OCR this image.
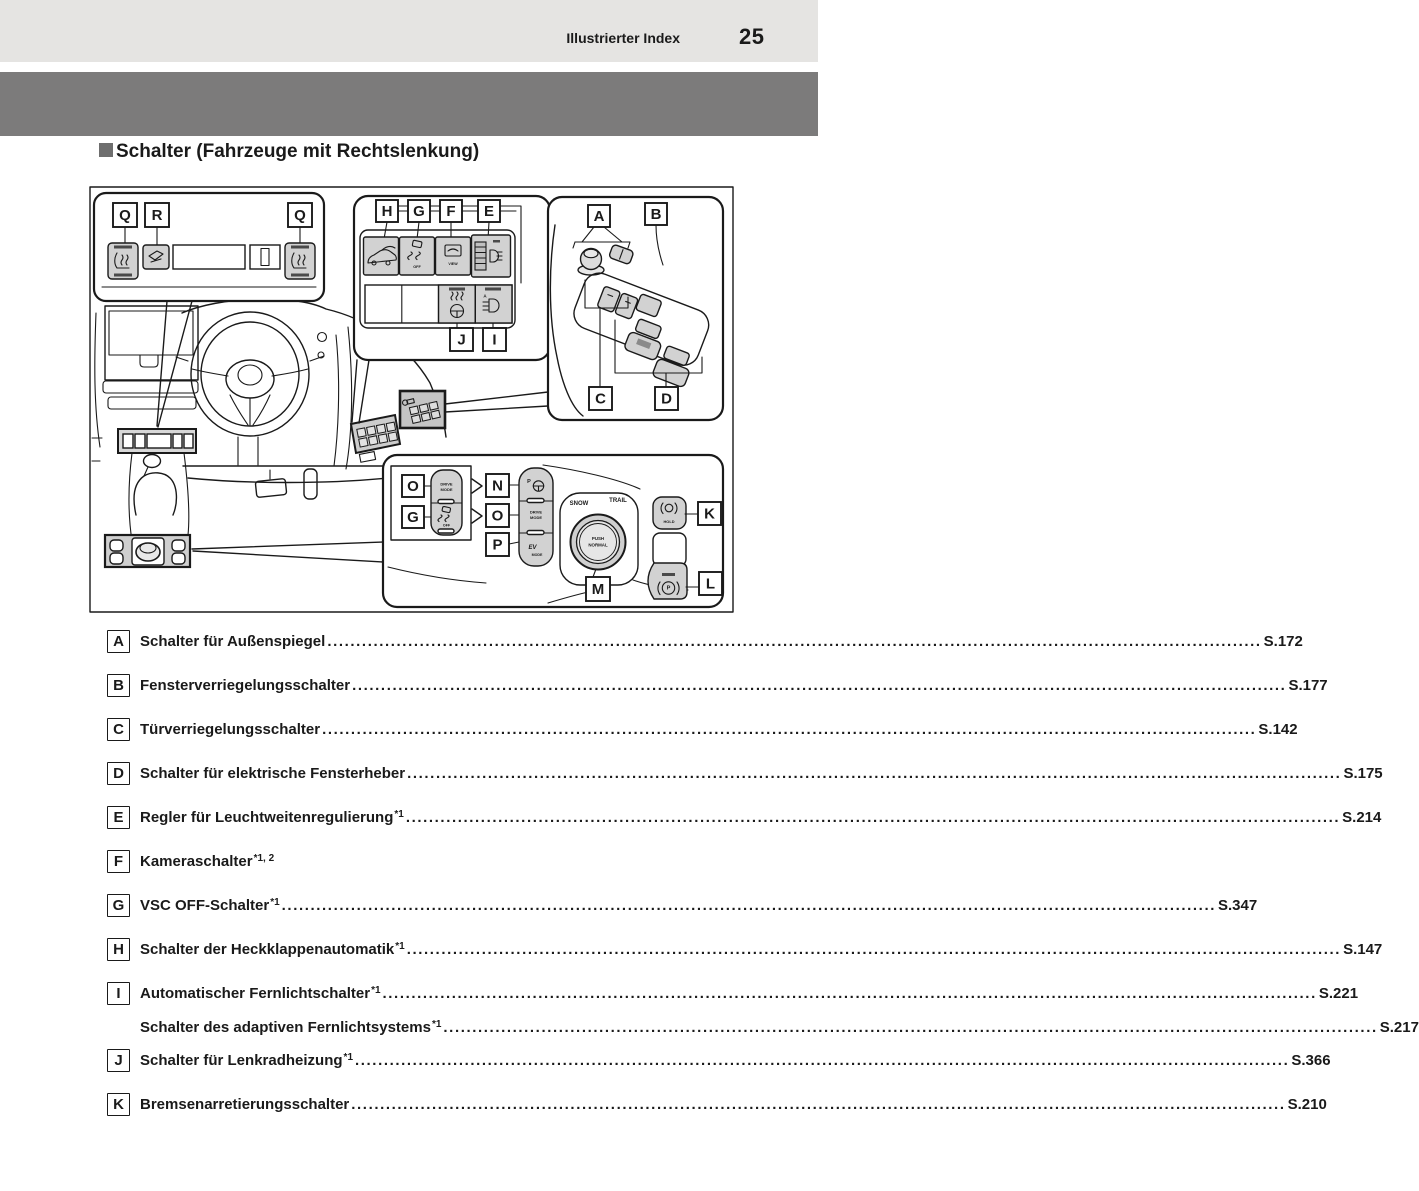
Illustrierter Index	25
Schalter (Fahrzeuge mit Rechtslenkung)
OFF
VIEW
A
DRIVE
MODE
OFF
P
DRIVE
MODE
EV
MODE
SNOW	TRAIL
PUSH
NORMAL
HOLD
P
Q R	Q	H G F E
J I
A	B
C	D
O
G
N
O
P
M
K
L
A	Schalter für Außenspiegel .....	S.172
B	Fensterverriegelungsschalter .....	S.177
C	Türverriegelungsschalter .....	S.142
D	Schalter für elektrische Fensterheber .....	S.175
E	Regler für Leuchtweitenregulierung$^{*1}$ .....	S.214
F	Kameraschalter$^{*1, 2}$
G	VSC OFF-Schalter$^{*1}$ .....	S.347
H	Schalter der Heckklappenautomatik$^{*1}$ .....	S.147
I	Automatischer Fernlichtschalter$^{*1}$ .....	S.221
Schalter des adaptiven Fernlichtsystems$^{*1}$ .....	S.217
J	Schalter für Lenkradheizung$^{*1}$ .....	S.366
K	Bremsenarretierungsschalter .....	S.210
